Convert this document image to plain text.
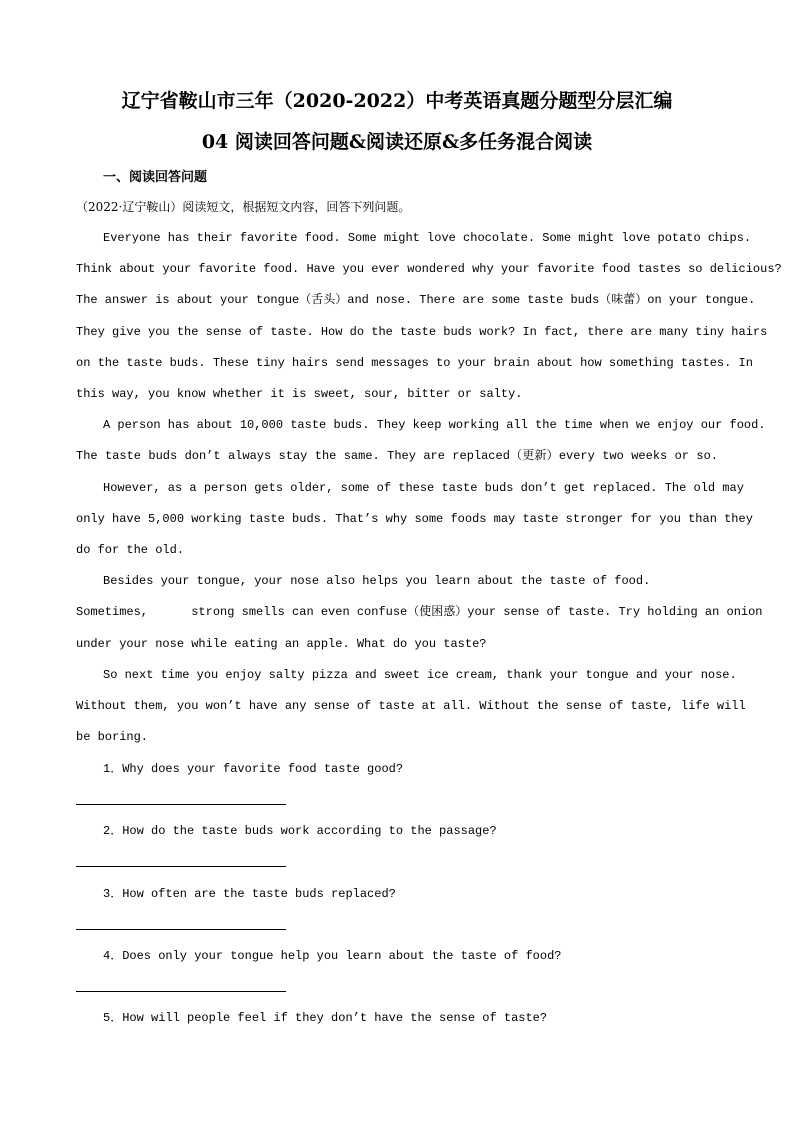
辽宁省鞍山市三年（2020-2022）中考英语真题分题型分层汇编
04 阅读回答问题&阅读还原&多任务混合阅读
一、阅读回答问题
（2022·辽宁鞍山）阅读短文，根据短文内容，回答下列问题。
Everyone has their favorite food. Some might love chocolate. Some might love potato chips.
Think about your favorite food. Have you ever wondered why your favorite food tastes so delicious?
The answer is about your tongue（舌头）and nose. There are some taste buds（味蕾）on your tongue.
They give you the sense of taste. How do the taste buds work? In fact, there are many tiny hairs
on the taste buds. These tiny hairs send messages to your brain about how something tastes. In
this way, you know whether it is sweet, sour, bitter or salty.
A person has about 10,000 taste buds. They keep working all the time when we enjoy our food.
The taste buds don’t always stay the same. They are replaced（更新）every two weeks or so.
However, as a person gets older, some of these taste buds don’t get replaced. The old may
only have 5,000 working taste buds. That’s why some foods may taste stronger for you than they
do for the old.
Besides your tongue, your nose also helps you learn about the taste of food.
Sometimes,      strong smells can even confuse（使困惑）your sense of taste. Try holding an onion
under your nose while eating an apple. What do you taste?
So next time you enjoy salty pizza and sweet ice cream, thank your tongue and your nose.
Without them, you won’t have any sense of taste at all. Without the sense of taste, life will
be boring.
1．Why does your favorite food taste good?
2．How do the taste buds work according to the passage?
3．How often are the taste buds replaced?
4．Does only your tongue help you learn about the taste of food?
5．How will people feel if they don’t have the sense of taste?
